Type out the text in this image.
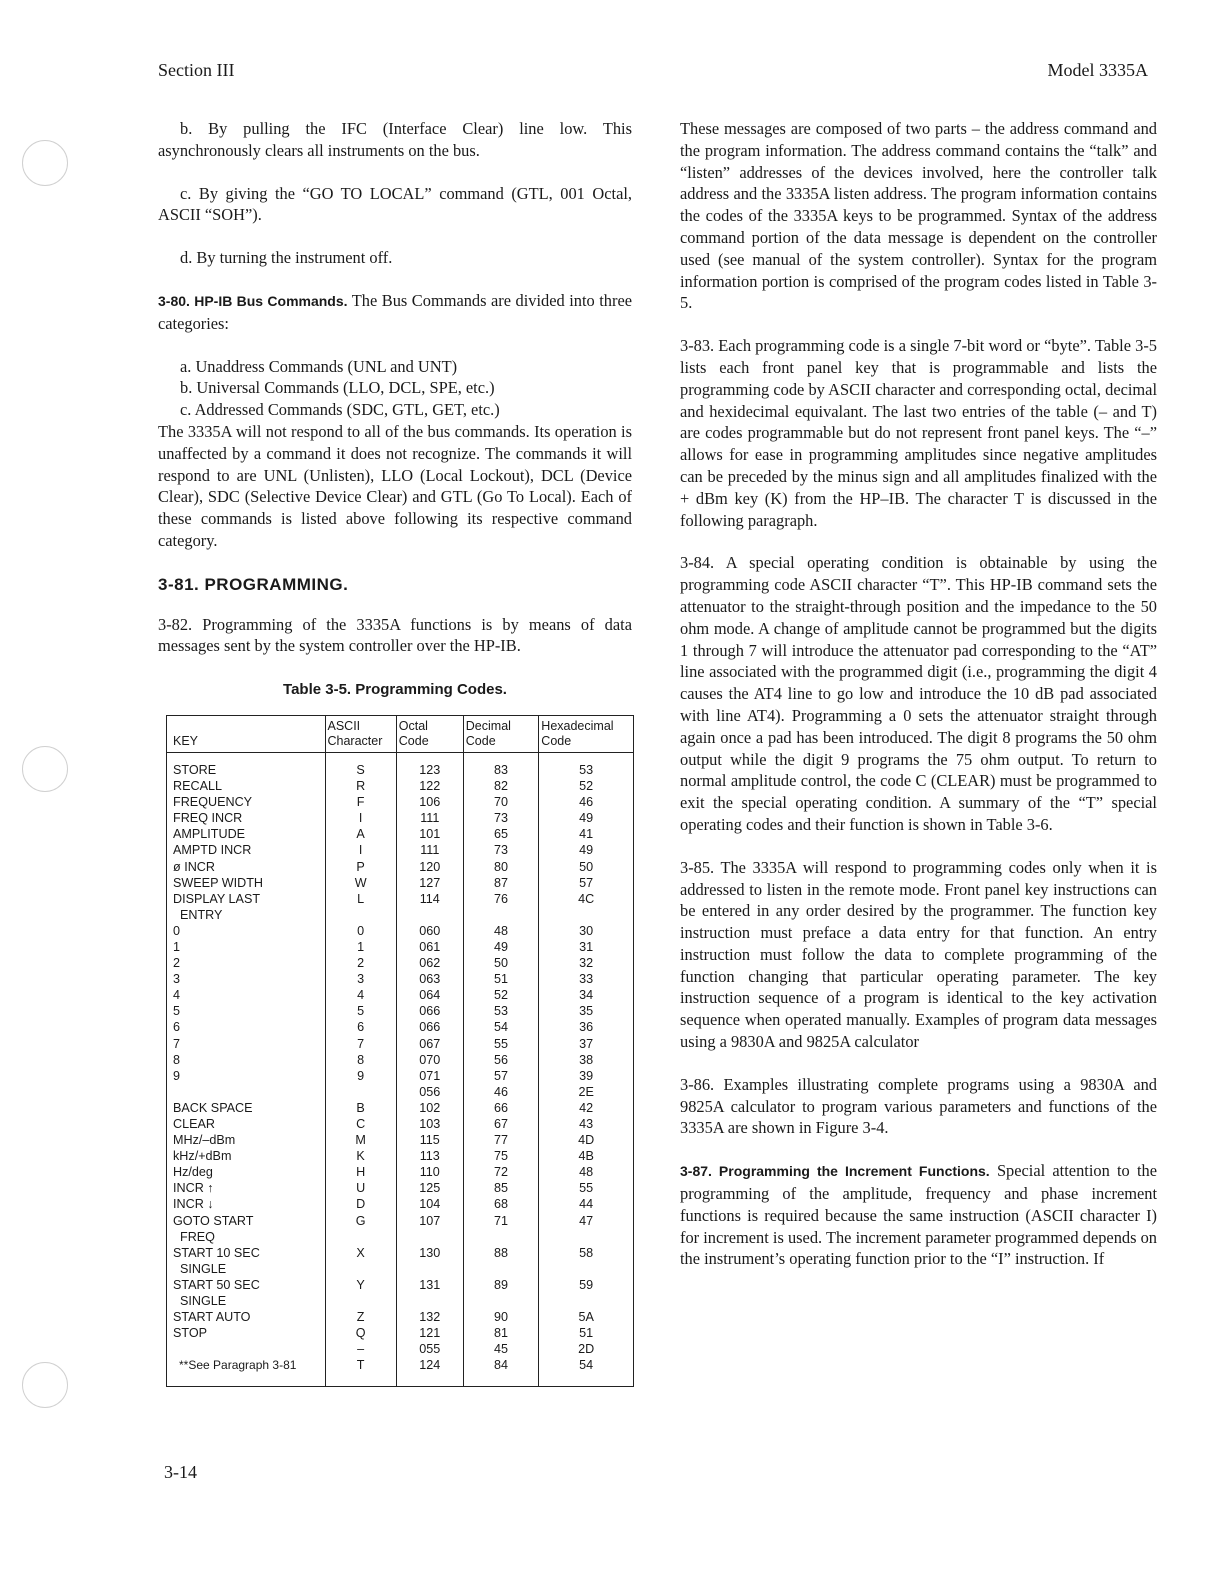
Section III	Model 3335A

b. By pulling the IFC (Interface Clear) line low. This asynchronously clears all instruments on the bus.

c. By giving the “GO TO LOCAL” command (GTL, 001 Octal, ASCII “SOH”).

d. By turning the instrument off.

3-80. HP-IB Bus Commands. The Bus Commands are divided into three categories:

a. Unaddress Commands (UNL and UNT)
b. Universal Commands (LLO, DCL, SPE, etc.)
c. Addressed Commands (SDC, GTL, GET, etc.)

The 3335A will not respond to all of the bus commands. Its operation is unaffected by a command it does not recognize. The commands it will respond to are UNL (Unlisten), LLO (Local Lockout), DCL (Device Clear), SDC (Selective Device Clear) and GTL (Go To Local). Each of these commands is listed above following its respective command category.

3-81. PROGRAMMING.

3-82. Programming of the 3335A functions is by means of data messages sent by the system controller over the HP-IB.

Table 3-5. Programming Codes.
KEY	ASCII Character	Octal Code	Decimal Code	Hexadecimal Code
STORE	S	123	83	53
RECALL	R	122	82	52
FREQUENCY	F	106	70	46
FREQ INCR	I	111	73	49
AMPLITUDE	A	101	65	41
AMPTD INCR	I	111	73	49
ø INCR	P	120	80	50
SWEEP WIDTH	W	127	87	57
DISPLAY LAST	L	114	76	4C
ENTRY				
0	0	060	48	30
1	1	061	49	31
2	2	062	50	32
3	3	063	51	33
4	4	064	52	34
5	5	066	53	35
6	6	066	54	36
7	7	067	55	37
8	8	070	56	38
9	9	071	57	39
		056	46	2E
BACK SPACE	B	102	66	42
CLEAR	C	103	67	43
MHz/–dBm	M	115	77	4D
kHz/+dBm	K	113	75	4B
Hz/deg	H	110	72	48
INCR ↑	U	125	85	55
INCR ↓	D	104	68	44
GOTO START	G	107	71	47
FREQ				
START 10 SEC	X	130	88	58
SINGLE				
START 50 SEC	Y	131	89	59
SINGLE				
START AUTO	Z	132	90	5A
STOP	Q	121	81	51

	–	055	45	2D
**See Paragraph 3-81	T	124	84	54

These messages are composed of two parts – the address command and the program information. The address command contains the “talk” and “listen” addresses of the devices involved, here the controller talk address and the 3335A listen address. The program information contains the codes of the 3335A keys to be programmed. Syntax of the address command portion of the data message is dependent on the controller used (see manual of the system controller). Syntax for the program information portion is comprised of the program codes listed in Table 3-5.

3-83. Each programming code is a single 7-bit word or “byte”. Table 3-5 lists each front panel key that is programmable and lists the programming code by ASCII character and corresponding octal, decimal and hexidecimal equivalant. The last two entries of the table (– and T) are codes programmable but do not represent front panel keys. The “–” allows for ease in programming amplitudes since negative amplitudes can be preceded by the minus sign and all amplitudes finalized with the + dBm key (K) from the HP–IB. The character T is discussed in the following paragraph.

3-84. A special operating condition is obtainable by using the programming code ASCII character “T”. This HP-IB command sets the attenuator to the straight-through position and the impedance to the 50 ohm mode. A change of amplitude cannot be programmed but the digits 1 through 7 will introduce the attenuator pad corresponding to the “AT” line associated with the programmed digit (i.e., programming the digit 4 causes the AT4 line to go low and introduce the 10 dB pad associated with line AT4). Programming a 0 sets the attenuator straight through again once a pad has been introduced. The digit 8 programs the 50 ohm output while the digit 9 programs the 75 ohm output. To return to normal amplitude control, the code C (CLEAR) must be programmed to exit the special operating condition. A summary of the “T” special operating codes and their function is shown in Table 3-6.

3-85. The 3335A will respond to programming codes only when it is addressed to listen in the remote mode. Front panel key instructions can be entered in any order desired by the programmer. The function key instruction must preface a data entry for that function. An entry instruction must follow the data to complete programming of the function changing that particular operating parameter. The key instruction sequence of a program is identical to the key activation sequence when operated manually. Examples of program data messages using a 9830A and 9825A calculator

3-86. Examples illustrating complete programs using a 9830A and 9825A calculator to program various parameters and functions of the 3335A are shown in Figure 3-4.

3-87. Programming the Increment Functions. Special attention to the programming of the amplitude, frequency and phase increment functions is required because the same instruction (ASCII character I) for increment is used. The increment parameter programmed depends on the instrument’s operating function prior to the “I” instruction. If

3-14
